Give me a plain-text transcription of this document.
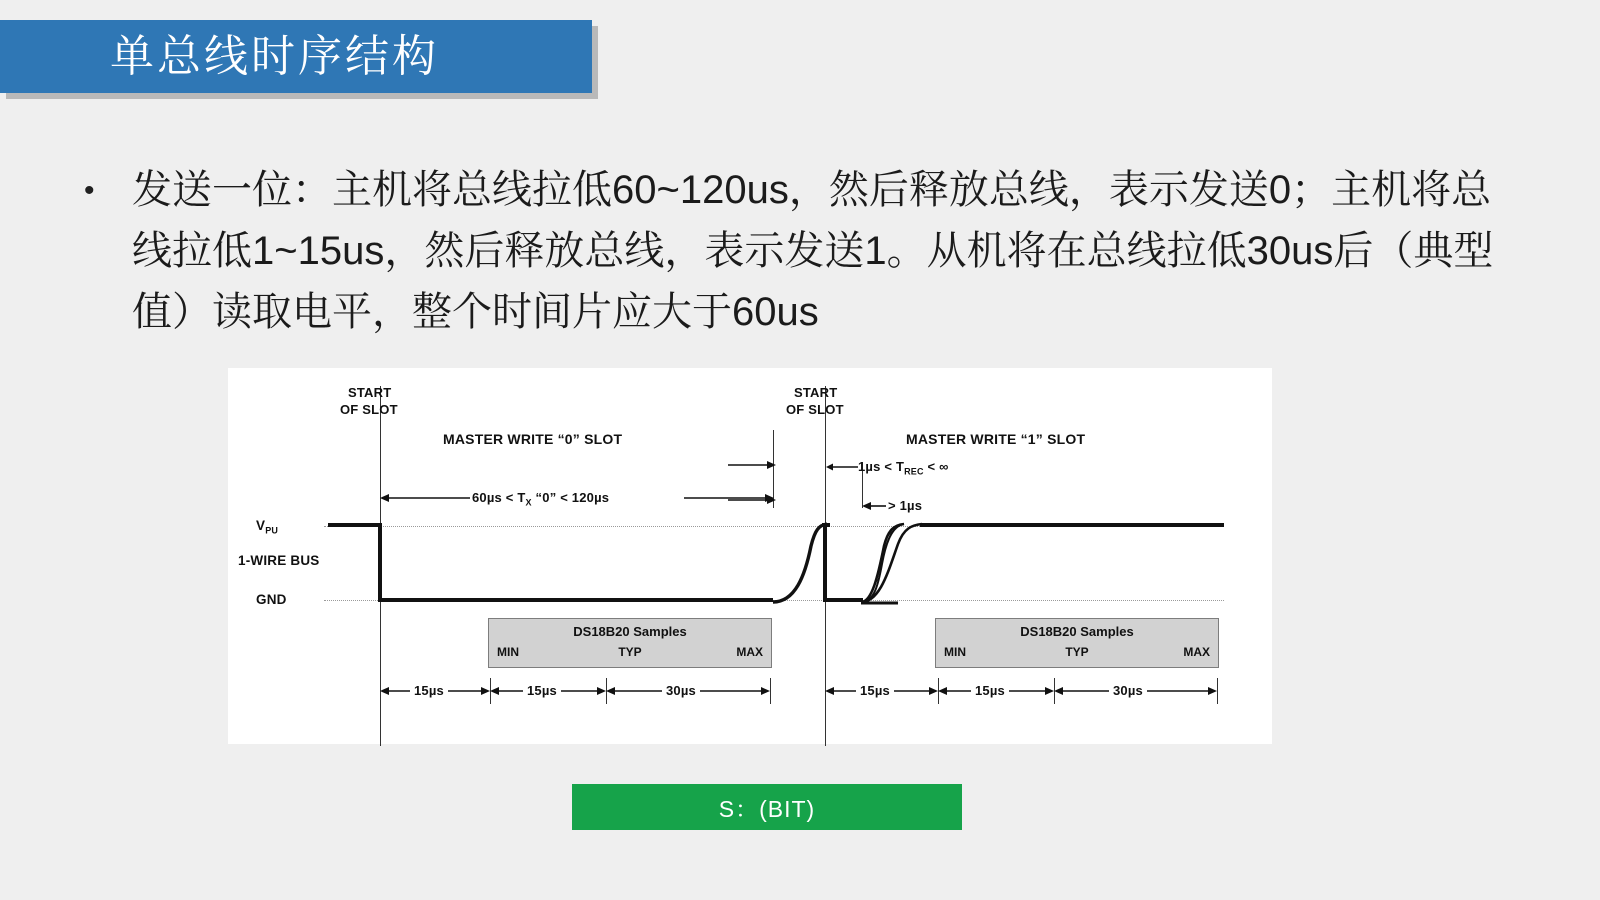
单总线时序结构
• 发送一位：主机将总线拉低60~120us，然后释放总线，表示发送0；主机将总线拉低1~15us，然后释放总线，表示发送1。从机将在总线拉低30us后（典型值）读取电平，整个时间片应大于60us
START
OF SLOT
START
OF SLOT
MASTER WRITE “0” SLOT	MASTER WRITE “1” SLOT
$1\mu s < T_{REC}$ < ∞
$60\mu s < T_X$ “0” < 120µs
> 1µs
$V_{PU}$
1-WIRE BUS
GND
DS18B20 Samples
MIN	TYP	MAX
DS18B20 Samples
MIN	TYP	MAX
15µs	15µs	30µs	15µs	15µs	30µs
S：(BIT)
